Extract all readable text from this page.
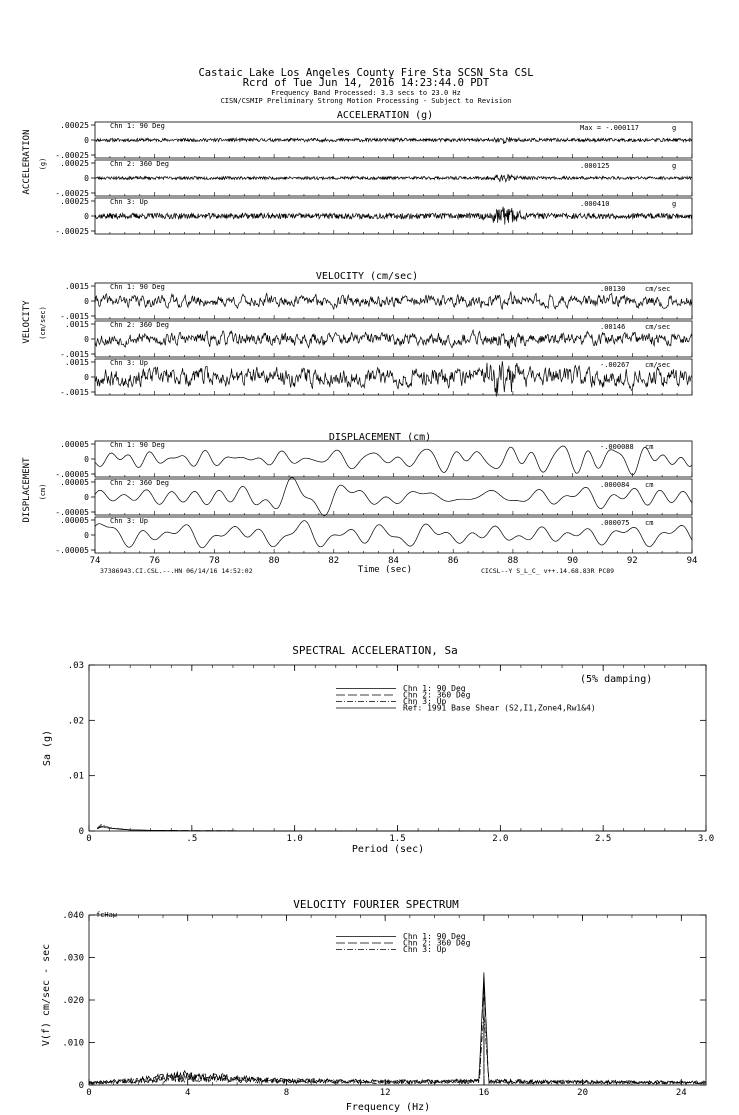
Castaic Lake Los Angeles County Fire Sta SCSN Sta CSL
Rcrd of Tue Jun 14, 2016 14:23:44.0 PDT
Frequency Band Processed: 3.3 secs to 23.0 Hz
CISN/CSMIP Preliminary Strong Motion Processing - Subject to Revision
ACCELERATION (g)
ACCELERATION (g)
.00025
0
-.00025
Chn 1: 90 Deg	Max = -.000117	g
.00025
0
-.00025
Chn 2: 360 Deg	.000125	g
.00025
0
-.00025
Chn 3: Up	.000410	g
VELOCITY (cm/sec)
VELOCITY (cm/sec)
.0015
0
-.0015
Chn 1: 90 Deg	.00130	cm/sec
.0015
0
-.0015
Chn 2: 360 Deg	.00146	cm/sec
.0015
0
-.0015
Chn 3: Up	-.00267 cm/sec
DISPLACEMENT (cm)
DISPLACEMENT (cm)
.00005
0
-.00005
Chn 1: 90 Deg	-.000088 cm
.00005
0
-.00005
Chn 2: 360 Deg	.000084 cm
.00005
0
-.00005
Chn 3: Up	.000075 cm
74	76	78	80	82	84	86	88	90	92	94
Time (sec)
37386943.CI.CSL.--.HN 06/14/16 14:52:02	CICSL--Y S_L_C_ v++.14.68.83R PC89
SPECTRAL ACCELERATION, Sa
(5% damping)
Period (sec)
Sa (g)
0	.5	1.0	1.5	2.0	2.5	3.0
0
.01
.02
.03
Chn 1: 90 Deg
Chn 2: 360 Deg
Chn 3: Up
Ref: 1991 Base Shear (S2,I1,Zone4,Rw1&4)
VELOCITY FOURIER SPECTRUM
fcHaw
Frequency (Hz)
V(f) cm/sec - sec
0	4	8	12	16	20	24
0
.010
.020
.030
.040
Chn 1: 90 Deg
Chn 2: 360 Deg
Chn 3: Up
